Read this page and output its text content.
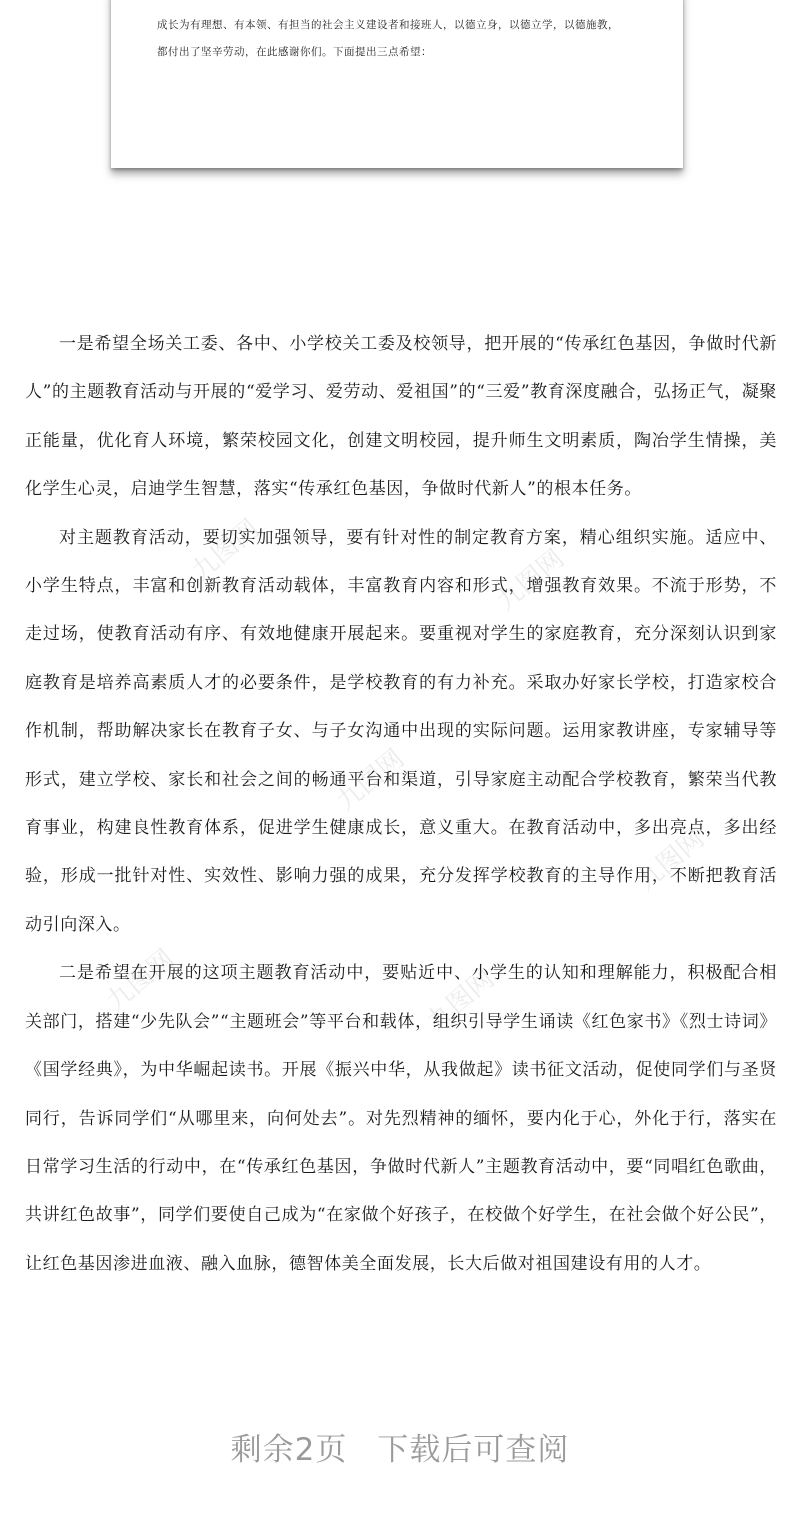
成长为有理想、有本领、有担当的社会主义建设者和接班人，以德立身，以德立学，以德施教，

都付出了坚辛劳动，在此感谢你们。下面提出三点希望：

九图网	九图网
九图网
九图网
九图网	九图网

一是希望全场关工委、各中、小学校关工委及校领导，把开展的“传承红色基因，争做时代新人”的主题教育活动与开展的“爱学习、爱劳动、爱祖国”的“三爱”教育深度融合，弘扬正气，凝聚正能量，优化育人环境，繁荣校园文化，创建文明校园，提升师生文明素质，陶冶学生情操，美化学生心灵，启迪学生智慧，落实“传承红色基因，争做时代新人”的根本任务。

对主题教育活动，要切实加强领导，要有针对性的制定教育方案，精心组织实施。适应中、小学生特点，丰富和创新教育活动载体，丰富教育内容和形式，增强教育效果。不流于形势，不走过场，使教育活动有序、有效地健康开展起来。要重视对学生的家庭教育，充分深刻认识到家庭教育是培养高素质人才的必要条件，是学校教育的有力补充。采取办好家长学校，打造家校合作机制，帮助解决家长在教育子女、与子女沟通中出现的实际问题。运用家教讲座，专家辅导等形式，建立学校、家长和社会之间的畅通平台和渠道，引导家庭主动配合学校教育，繁荣当代教育事业，构建良性教育体系，促进学生健康成长，意义重大。在教育活动中，多出亮点，多出经验，形成一批针对性、实效性、影响力强的成果，充分发挥学校教育的主导作用，不断把教育活动引向深入。

二是希望在开展的这项主题教育活动中，要贴近中、小学生的认知和理解能力，积极配合相关部门，搭建“少先队会”“主题班会”等平台和载体，组织引导学生诵读《红色家书》《烈士诗词》《国学经典》，为中华崛起读书。开展《振兴中华，从我做起》读书征文活动，促使同学们与圣贤同行，告诉同学们“从哪里来，向何处去”。对先烈精神的缅怀，要内化于心，外化于行，落实在日常学习生活的行动中，在“传承红色基因，争做时代新人”主题教育活动中，要“同唱红色歌曲，共讲红色故事”，同学们要使自己成为“在家做个好孩子，在校做个好学生，在社会做个好公民”，让红色基因渗进血液、融入血脉，德智体美全面发展，长大后做对祖国建设有用的人才。

剩余2页 下载后可查阅
